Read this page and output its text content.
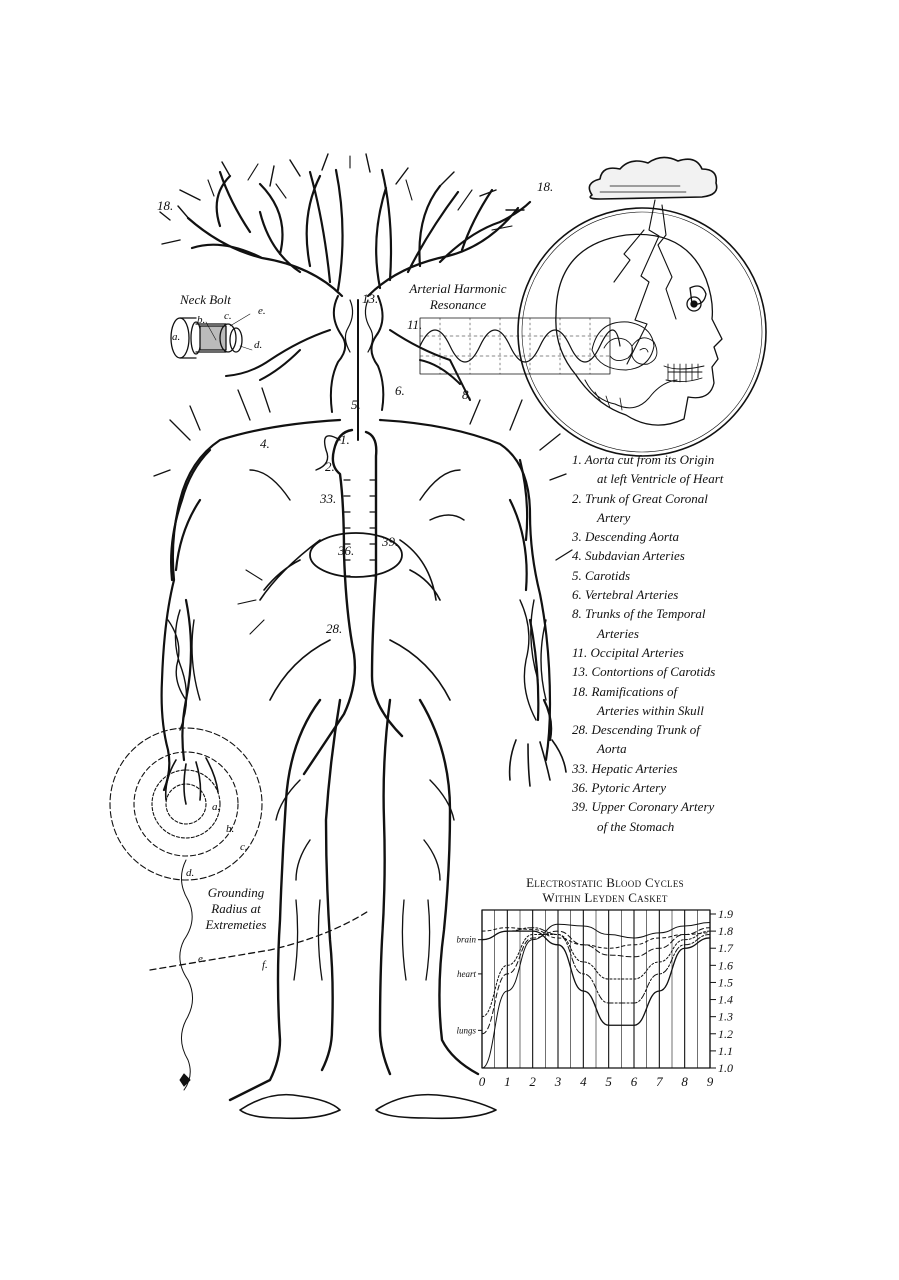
0 1 2 3 4 5 6 7 8 9
1.9
1.8
1.7
1.6
1.5
1.4
1.3
1.2
1.1
1.0
brain
heart
lungs
Neck Bolt
Arterial Harmonic
Resonance
Grounding
Radius at
Extremeties
a.
b. c.
d.
e.
a.
b.
c.
d.
e.	f.
18.
18.
13.
11.
5.
6.	8.
4.	1.
2.
33.
36.
39.
28.
1. Aorta cut from its Origin
at left Ventricle of Heart
2. Trunk of Great Coronal
Artery
3. Descending Aorta
4. Subdavian Arteries
5. Carotids
6. Vertebral Arteries
8. Trunks of the Temporal
Arteries
11. Occipital Arteries
13. Contortions of Carotids
18. Ramifications of
Arteries within Skull
28. Descending Trunk of
Aorta
33. Hepatic Arteries
36. Pytoric Artery
39. Upper Coronary Artery
of the Stomach
Electrostatic Blood Cycles
Within Leyden Casket
